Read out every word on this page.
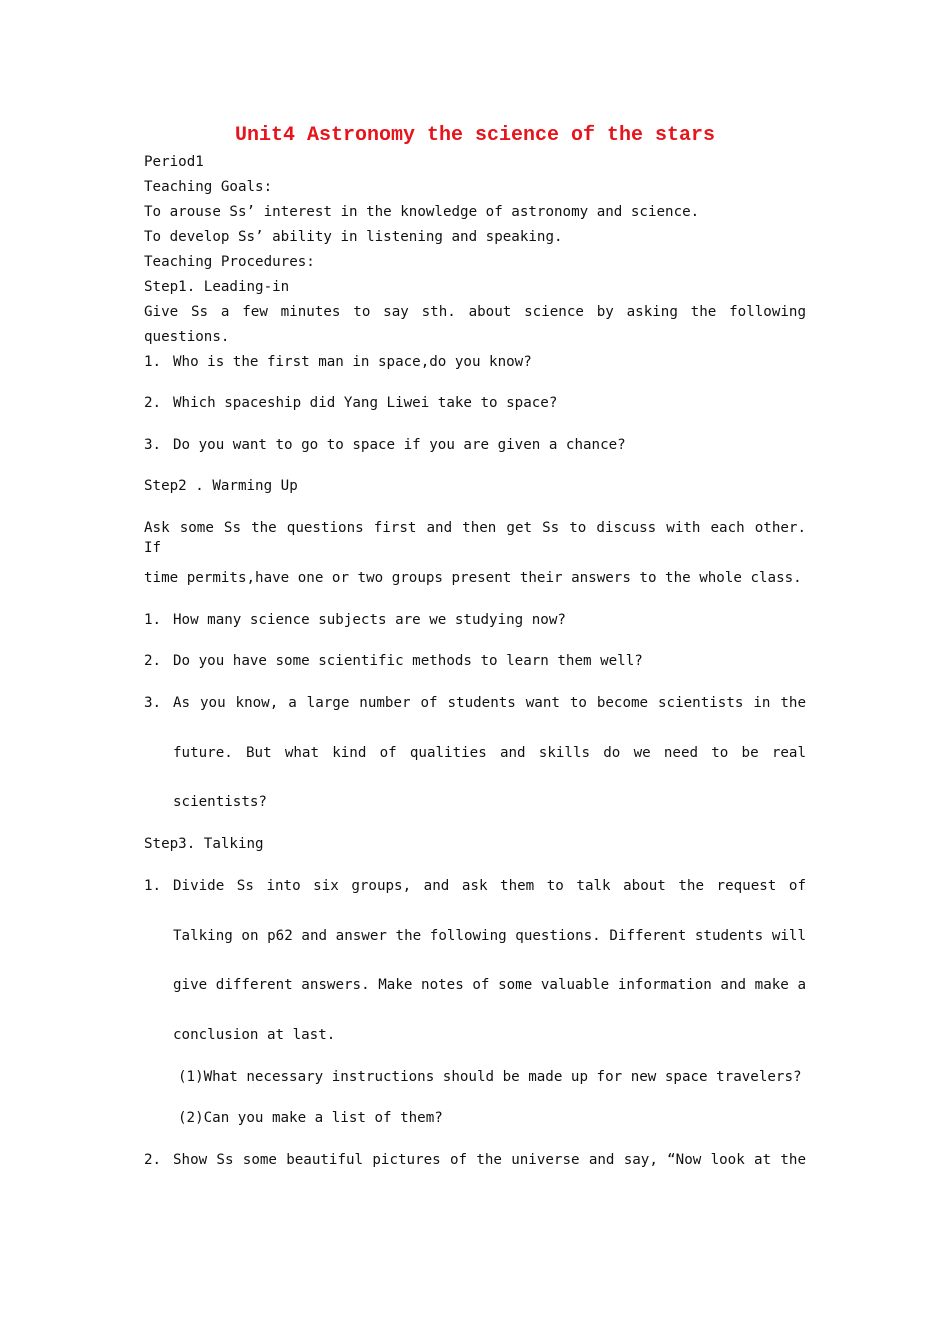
Unit4 Astronomy the science of the stars
Period1
Teaching Goals:
To arouse Ss’ interest in the knowledge of astronomy and science.
To develop Ss’ ability in listening and speaking.
Teaching Procedures:
Step1. Leading-in
Give Ss a few minutes to say sth. about science by asking the following
questions.
1. Who is the first man in space,do you know?
2. Which spaceship did Yang Liwei take to space?
3. Do you want to go to space if you are given a chance?
Step2 . Warming Up
Ask some Ss the questions first and then get Ss to discuss with each other. If
time permits,have one or two groups present their answers to the whole class.
1. How many science subjects are we studying now?
2. Do you have some scientific methods to learn them well?
3. As you know, a large number of students want to become scientists in the
future. But what kind of qualities and skills do we need to be real
scientists?
Step3. Talking
1. Divide Ss into six groups, and ask them to talk about the request of
Talking on p62 and answer the following questions. Different students will
give different answers. Make notes of some valuable information and make a
conclusion at last.
(1)What necessary instructions should be made up for new space travelers?
(2)Can you make a list of them?
2. Show Ss some beautiful pictures of the universe and say, “Now look at the
